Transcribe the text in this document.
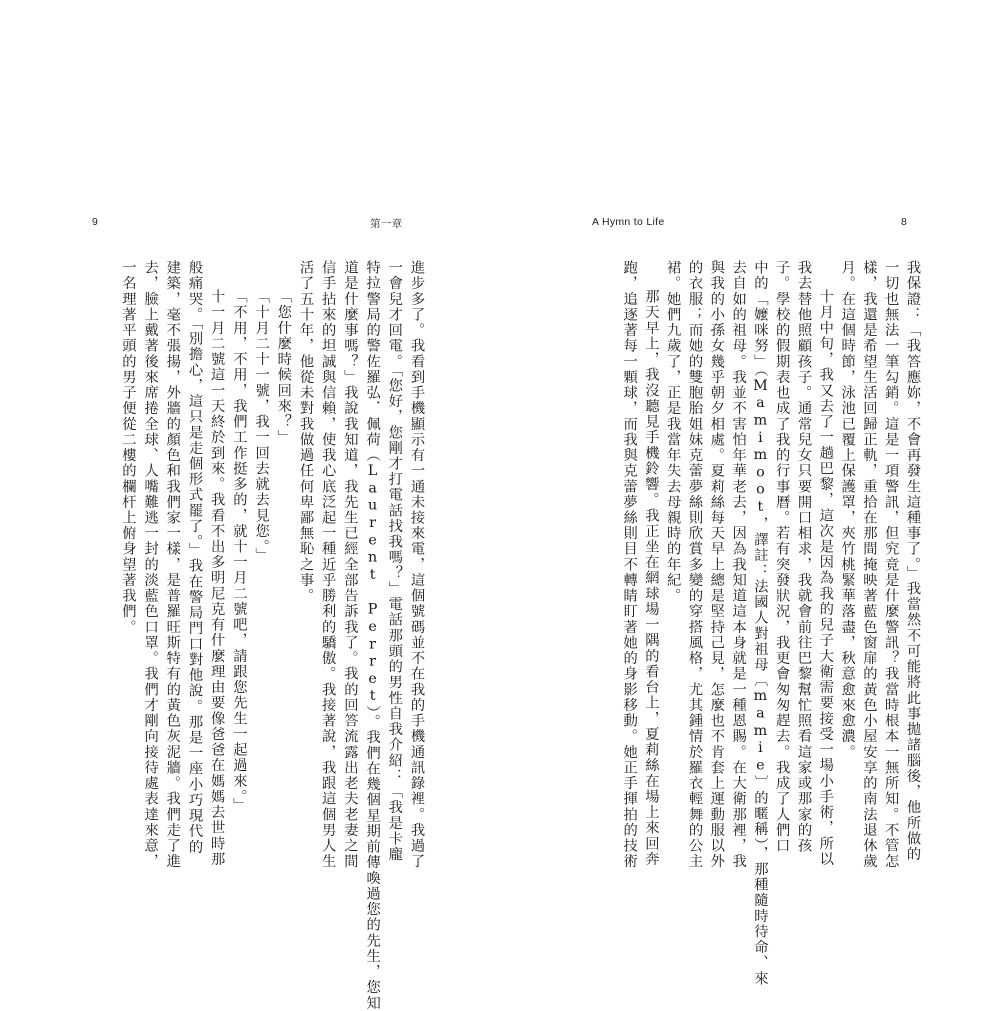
9	第一章
進步多了。我看到手機顯示有一通未接來電，這個號碼並不在我的手機通訊錄裡。我過了
一會兒才回電。「您好，您剛才打電話找我嗎？」電話那頭的男性自我介紹：「我是卡龐
特拉警局的警佐羅弘．佩荷（Laurent Perret）。我們在幾個星期前傳喚過您的先生，您知
道是什麼事嗎？」我說我知道，我先生已經全部告訴我了。我的回答流露出老夫老妻之間
信手拈來的坦誠與信賴，使我心底泛起一種近乎勝利的驕傲。我接著說，我跟這個男人生
活了五十年，他從未對我做過任何卑鄙無恥之事。
「您什麼時候回來？」
「十月二十一號，我一回去就去見您。」
「不用，不用，我們工作挺多的，就十一月二號吧，請跟您先生一起過來。」
十一月二號這一天終於到來。我看不出多明尼克有什麼理由要像爸爸在媽媽去世時那
般痛哭。「別擔心，這只是走個形式罷了。」我在警局門口對他說。那是一座小巧現代的
建築，毫不張揚，外牆的顏色和我們家一樣，是普羅旺斯特有的黃色灰泥牆。我們走了進
去，臉上戴著後來席捲全球、人嘴難逃一封的淡藍色口罩。我們才剛向接待處表達來意，
一名理著平頭的男子便從二樓的欄杆上俯身望著我們。
A Hymn to Life	8
我保證：「我答應妳，不會再發生這種事了。」我當然不可能將此事拋諸腦後，他所做的
一切也無法一筆勾銷。這是一項警訊，但究竟是什麼警訊？我當時根本一無所知。不管怎
樣，我還是希望生活回歸正軌，重拾在那間掩映著藍色窗扉的黃色小屋安享的南法退休歲
月。在這個時節，泳池已覆上保護罩，夾竹桃緊華落盡，秋意愈來愈濃。
十月中旬，我又去了一趟巴黎，這次是因為我的兒子大衛需要接受一場小手術，所以
我去替他照顧孩子。通常兒女只要開口相求，我就會前往巴黎幫忙照看這家或那家的孩
子。學校的假期表也成了我的行事曆。若有突發狀況，我更會匆匆趕去。我成了人們口
中的「嬤咪努」（Mamimoot，譯註：法國人對祖母〔mamie〕的暱稱），那種隨時待命、來
去自如的祖母。我並不害怕年華老去，因為我知道這本身就是一種恩賜。在大衛那裡，我
與我的小孫女幾乎朝夕相處。夏莉絲每天早上總是堅持己見，怎麼也不肯套上運動服以外
的衣服；而她的雙胞胎姐妹克蕾夢絲則欣賞多變的穿搭風格，尤其鍾情於羅衣輕舞的公主
裙。她們九歲了，正是我當年失去母親時的年紀。
那天早上，我沒聽見手機鈴響。我正坐在網球場一隅的看台上，夏莉絲在場上來回奔
跑，追逐著每一顆球，而我與克蕾夢絲則目不轉睛盯著她的身影移動。她正手揮拍的技術
